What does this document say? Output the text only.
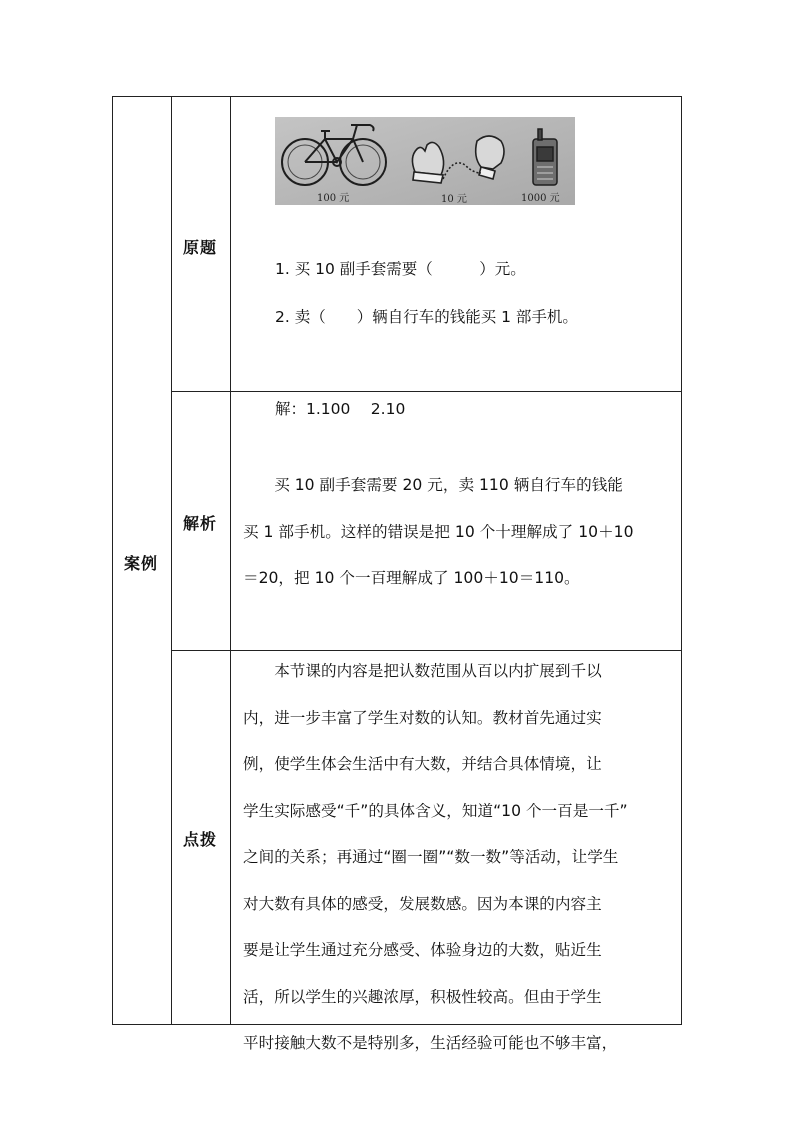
案例
原题
100 元	10 元	1000 元
1. 买 10 副手套需要（　　　）元。
2. 卖（　　）辆自行车的钱能买 1 部手机。
解析
解：1.100　 2.10
　　买 10 副手套需要 20 元，卖 110 辆自行车的钱能
买 1 部手机。这样的错误是把 10 个十理解成了 10＋10
＝20，把 10 个一百理解成了 100＋10＝110。
点拨
　　本节课的内容是把认数范围从百以内扩展到千以
内，进一步丰富了学生对数的认知。教材首先通过实
例，使学生体会生活中有大数，并结合具体情境，让
学生实际感受“千”的具体含义，知道“10 个一百是一千”
之间的关系；再通过“圈一圈”“数一数”等活动，让学生
对大数有具体的感受，发展数感。因为本课的内容主
要是让学生通过充分感受、体验身边的大数，贴近生
活，所以学生的兴趣浓厚，积极性较高。但由于学生
平时接触大数不是特别多，生活经验可能也不够丰富，
